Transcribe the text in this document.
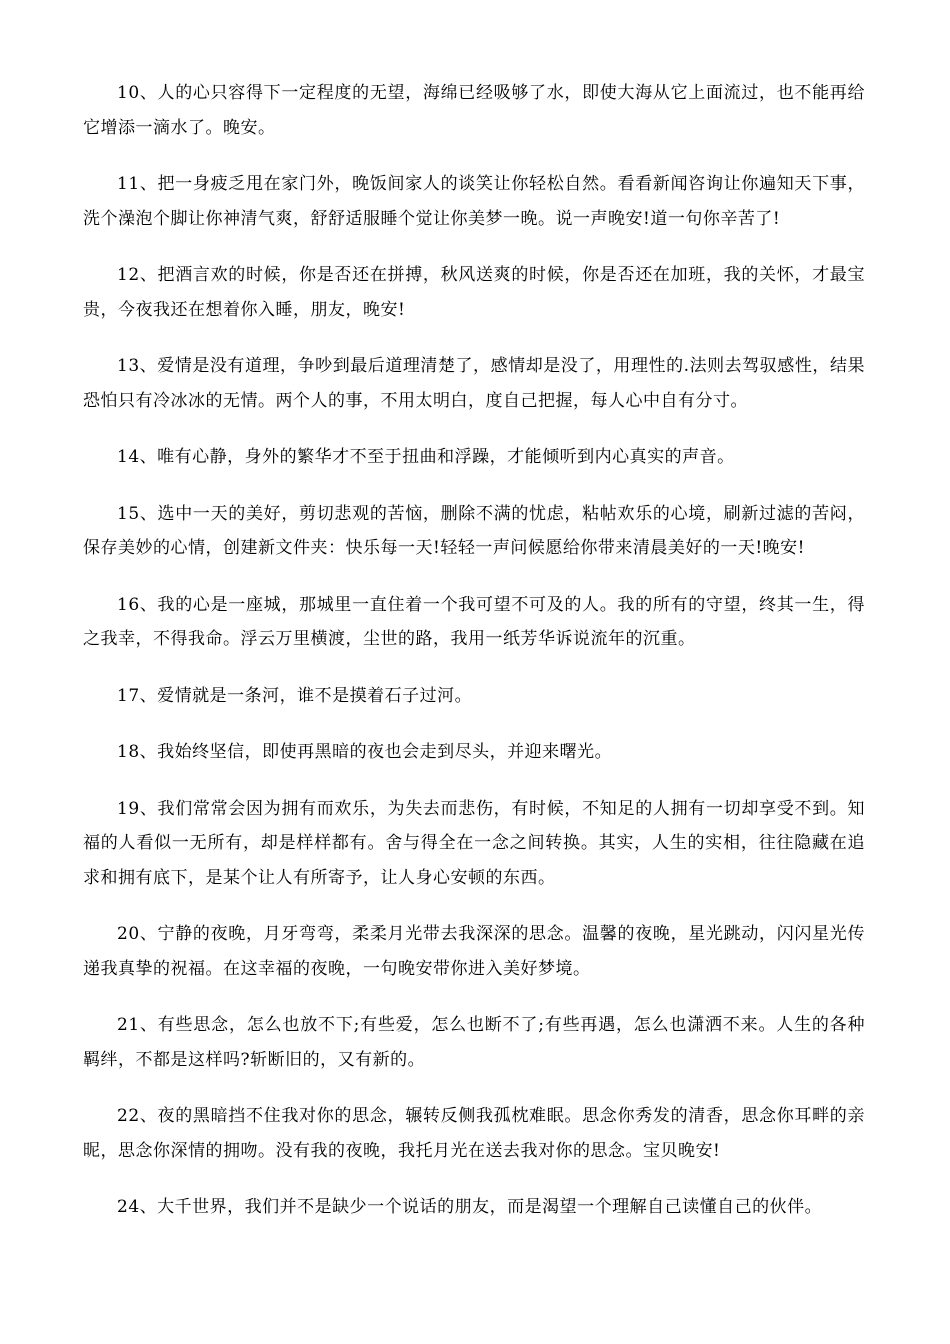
10、人的心只容得下一定程度的无望，海绵已经吸够了水，即使大海从它上面流过，也不能再给它增添一滴水了。晚安。

11、把一身疲乏甩在家门外，晚饭间家人的谈笑让你轻松自然。看看新闻咨询让你遍知天下事，洗个澡泡个脚让你神清气爽，舒舒适服睡个觉让你美梦一晚。说一声晚安!道一句你辛苦了!

12、把酒言欢的时候，你是否还在拼搏，秋风送爽的时候，你是否还在加班，我的关怀，才最宝贵，今夜我还在想着你入睡，朋友，晚安!

13、爱情是没有道理，争吵到最后道理清楚了，感情却是没了，用理性的.法则去驾驭感性，结果恐怕只有冷冰冰的无情。两个人的事，不用太明白，度自己把握，每人心中自有分寸。

14、唯有心静，身外的繁华才不至于扭曲和浮躁，才能倾听到内心真实的声音。

15、选中一天的美好，剪切悲观的苦恼，删除不满的忧虑，粘帖欢乐的心境，刷新过滤的苦闷，保存美妙的心情，创建新文件夹：快乐每一天!轻轻一声问候愿给你带来清晨美好的一天!晚安!

16、我的心是一座城，那城里一直住着一个我可望不可及的人。我的所有的守望，终其一生，得之我幸，不得我命。浮云万里横渡，尘世的路，我用一纸芳华诉说流年的沉重。

17、爱情就是一条河，谁不是摸着石子过河。

18、我始终坚信，即使再黑暗的夜也会走到尽头，并迎来曙光。

19、我们常常会因为拥有而欢乐，为失去而悲伤，有时候，不知足的人拥有一切却享受不到。知福的人看似一无所有，却是样样都有。舍与得全在一念之间转换。其实，人生的实相，往往隐藏在追求和拥有底下，是某个让人有所寄予，让人身心安顿的东西。

20、宁静的夜晚，月牙弯弯，柔柔月光带去我深深的思念。温馨的夜晚，星光跳动，闪闪星光传递我真挚的祝福。在这幸福的夜晚，一句晚安带你进入美好梦境。

21、有些思念，怎么也放不下;有些爱，怎么也断不了;有些再遇，怎么也潇洒不来。人生的各种羁绊，不都是这样吗?斩断旧的，又有新的。

22、夜的黑暗挡不住我对你的思念，辗转反侧我孤枕难眠。思念你秀发的清香，思念你耳畔的亲昵，思念你深情的拥吻。没有我的夜晚，我托月光在送去我对你的思念。宝贝晚安!

24、大千世界，我们并不是缺少一个说话的朋友，而是渴望一个理解自己读懂自己的伙伴。
